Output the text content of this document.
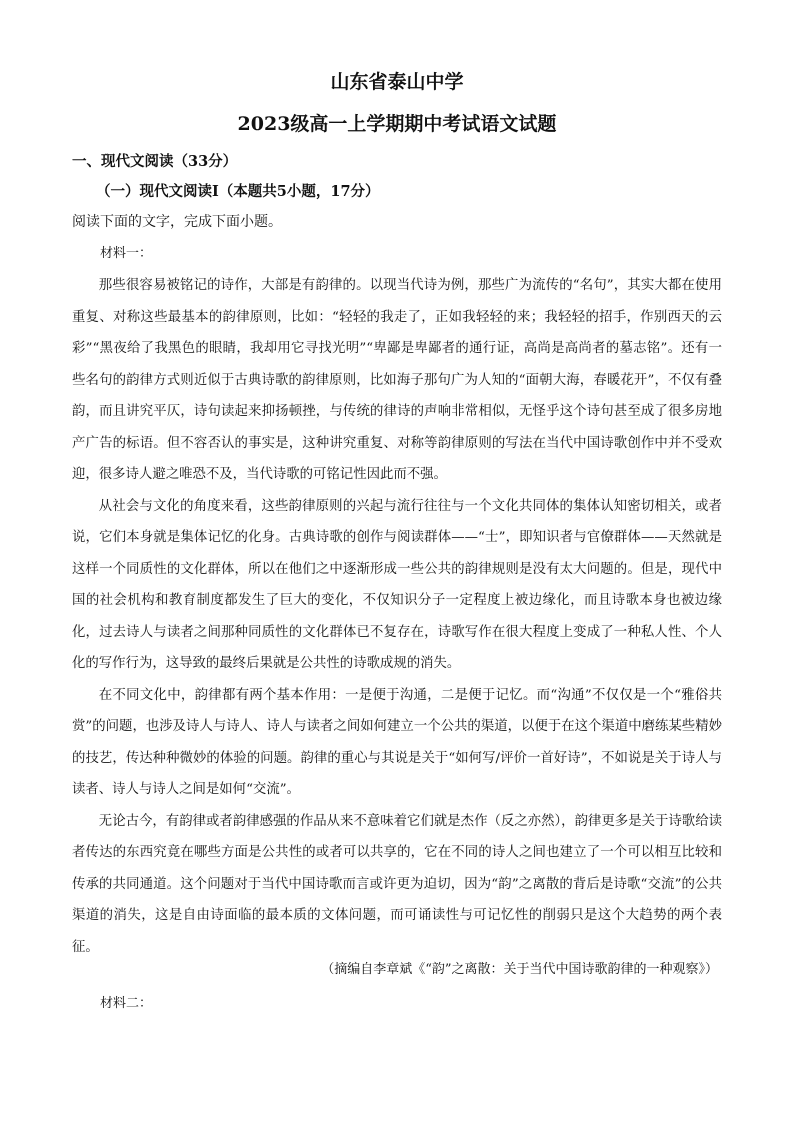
山东省泰山中学
2023级高一上学期期中考试语文试题
一、现代文阅读（33分）
（一）现代文阅读Ⅰ（本题共5小题，17分）
阅读下面的文字，完成下面小题。
材料一：

那些很容易被铭记的诗作，大部是有韵律的。以现当代诗为例，那些广为流传的“名句”，其实大都在使用重复、对称这些最基本的韵律原则，比如：“轻轻的我走了，正如我轻轻的来；我轻轻的招手，作别西天的云彩”“黑夜给了我黑色的眼睛，我却用它寻找光明”“卑鄙是卑鄙者的通行证，高尚是高尚者的墓志铭”。还有一些名句的韵律方式则近似于古典诗歌的韵律原则，比如海子那句广为人知的“面朝大海，春暖花开”，不仅有叠韵，而且讲究平仄，诗句读起来抑扬顿挫，与传统的律诗的声响非常相似，无怪乎这个诗句甚至成了很多房地产广告的标语。但不容否认的事实是，这种讲究重复、对称等韵律原则的写法在当代中国诗歌创作中并不受欢迎，很多诗人避之唯恐不及，当代诗歌的可铭记性因此而不强。

从社会与文化的角度来看，这些韵律原则的兴起与流行往往与一个文化共同体的集体认知密切相关，或者说，它们本身就是集体记忆的化身。古典诗歌的创作与阅读群体——“士”，即知识者与官僚群体——天然就是这样一个同质性的文化群体，所以在他们之中逐渐形成一些公共的韵律规则是没有太大问题的。但是，现代中国的社会机构和教育制度都发生了巨大的变化，不仅知识分子一定程度上被边缘化，而且诗歌本身也被边缘化，过去诗人与读者之间那种同质性的文化群体已不复存在，诗歌写作在很大程度上变成了一种私人性、个人化的写作行为，这导致的最终后果就是公共性的诗歌成规的消失。

在不同文化中，韵律都有两个基本作用：一是便于沟通，二是便于记忆。而“沟通”不仅仅是一个“雅俗共赏”的问题，也涉及诗人与诗人、诗人与读者之间如何建立一个公共的渠道，以便于在这个渠道中磨练某些精妙的技艺，传达种种微妙的体验的问题。韵律的重心与其说是关于“如何写/评价一首好诗”，不如说是关于诗人与读者、诗人与诗人之间是如何“交流”。

无论古今，有韵律或者韵律感强的作品从来不意味着它们就是杰作（反之亦然），韵律更多是关于诗歌给读者传达的东西究竟在哪些方面是公共性的或者可以共享的，它在不同的诗人之间也建立了一个可以相互比较和传承的共同通道。这个问题对于当代中国诗歌而言或许更为迫切，因为“韵”之离散的背后是诗歌“交流”的公共渠道的消失，这是自由诗面临的最本质的文体问题，而可诵读性与可记忆性的削弱只是这个大趋势的两个表征。

（摘编自李章斌《“韵”之离散：关于当代中国诗歌韵律的一种观察》）
材料二：
